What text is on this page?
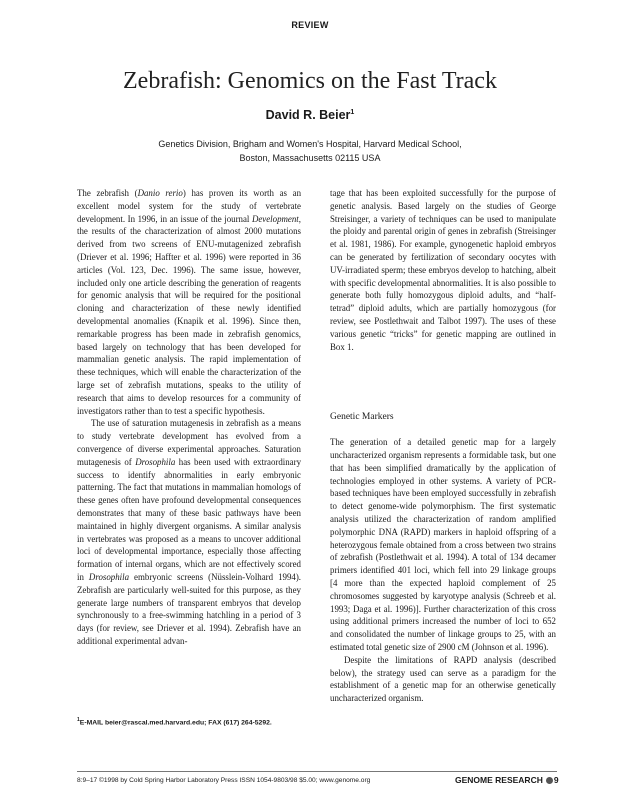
REVIEW
Zebrafish: Genomics on the Fast Track
David R. Beier$^1$
Genetics Division, Brigham and Women's Hospital, Harvard Medical School,
Boston, Massachusetts 02115 USA

The zebrafish (Danio rerio) has proven its worth as an excellent model system for the study of vertebrate development. In 1996, in an issue of the journal Development, the results of the characterization of almost 2000 mutations derived from two screens of ENU-mutagenized zebrafish (Driever et al. 1996; Haffter et al. 1996) were reported in 36 articles (Vol. 123, Dec. 1996). The same issue, however, included only one article describing the generation of reagents for genomic analysis that will be required for the positional cloning and characterization of these newly identified developmental anomalies (Knapik et al. 1996). Since then, remarkable progress has been made in zebrafish genomics, based largely on technology that has been developed for mammalian genetic analysis. The rapid implementation of these techniques, which will enable the characterization of the large set of zebrafish mutations, speaks to the utility of research that aims to develop resources for a community of investigators rather than to test a specific hypothesis.

The use of saturation mutagenesis in zebrafish as a means to study vertebrate development has evolved from a convergence of diverse experimental approaches. Saturation mutagenesis of Drosophila has been used with extraordinary success to identify abnormalities in early embryonic patterning. The fact that mutations in mammalian homologs of these genes often have profound developmental consequences demonstrates that many of these basic pathways have been maintained in highly divergent organisms. A similar analysis in vertebrates was proposed as a means to uncover additional loci of developmental importance, especially those affecting formation of internal organs, which are not effectively scored in Drosophila embryonic screens (Nüsslein-Volhard 1994). Zebrafish are particularly well-suited for this purpose, as they generate large numbers of transparent embryos that develop synchronously to a free-swimming hatchling in a period of 3 days (for review, see Driever et al. 1994). Zebrafish have an additional experimental advan-

tage that has been exploited successfully for the purpose of genetic analysis. Based largely on the studies of George Streisinger, a variety of techniques can be used to manipulate the ploidy and parental origin of genes in zebrafish (Streisinger et al. 1981, 1986). For example, gynogenetic haploid embryos can be generated by fertilization of secondary oocytes with UV-irradiated sperm; these embryos develop to hatching, albeit with specific developmental abnormalities. It is also possible to generate both fully homozygous diploid adults, and “half-tetrad” diploid adults, which are partially homozygous (for review, see Postlethwait and Talbot 1997). The uses of these various genetic “tricks” for genetic mapping are outlined in Box 1.

Genetic Markers

The generation of a detailed genetic map for a largely uncharacterized organism represents a formidable task, but one that has been simplified dramatically by the application of technologies employed in other systems. A variety of PCR-based techniques have been employed successfully in zebrafish to detect genome-wide polymorphism. The first systematic analysis utilized the characterization of random amplified polymorphic DNA (RAPD) markers in haploid offspring of a heterozygous female obtained from a cross between two strains of zebrafish (Postlethwait et al. 1994). A total of 134 decamer primers identified 401 loci, which fell into 29 linkage groups [4 more than the expected haploid complement of 25 chromosomes suggested by karyotype analysis (Schreeb et al. 1993; Daga et al. 1996)]. Further characterization of this cross using additional primers increased the number of loci to 652 and consolidated the number of linkage groups to 25, with an estimated total genetic size of 2900 cM (Johnson et al. 1996).

Despite the limitations of RAPD analysis (described below), the strategy used can serve as a paradigm for the establishment of a genetic map for an otherwise genetically uncharacterized organism.

$^1$E-MAIL beier@rascal.med.harvard.edu; FAX (617) 264-5292.
8:9–17 ©1998 by Cold Spring Harbor Laboratory Press ISSN 1054-9803/98 $5.00; www.genome.org	GENOME RESEARCH 9
